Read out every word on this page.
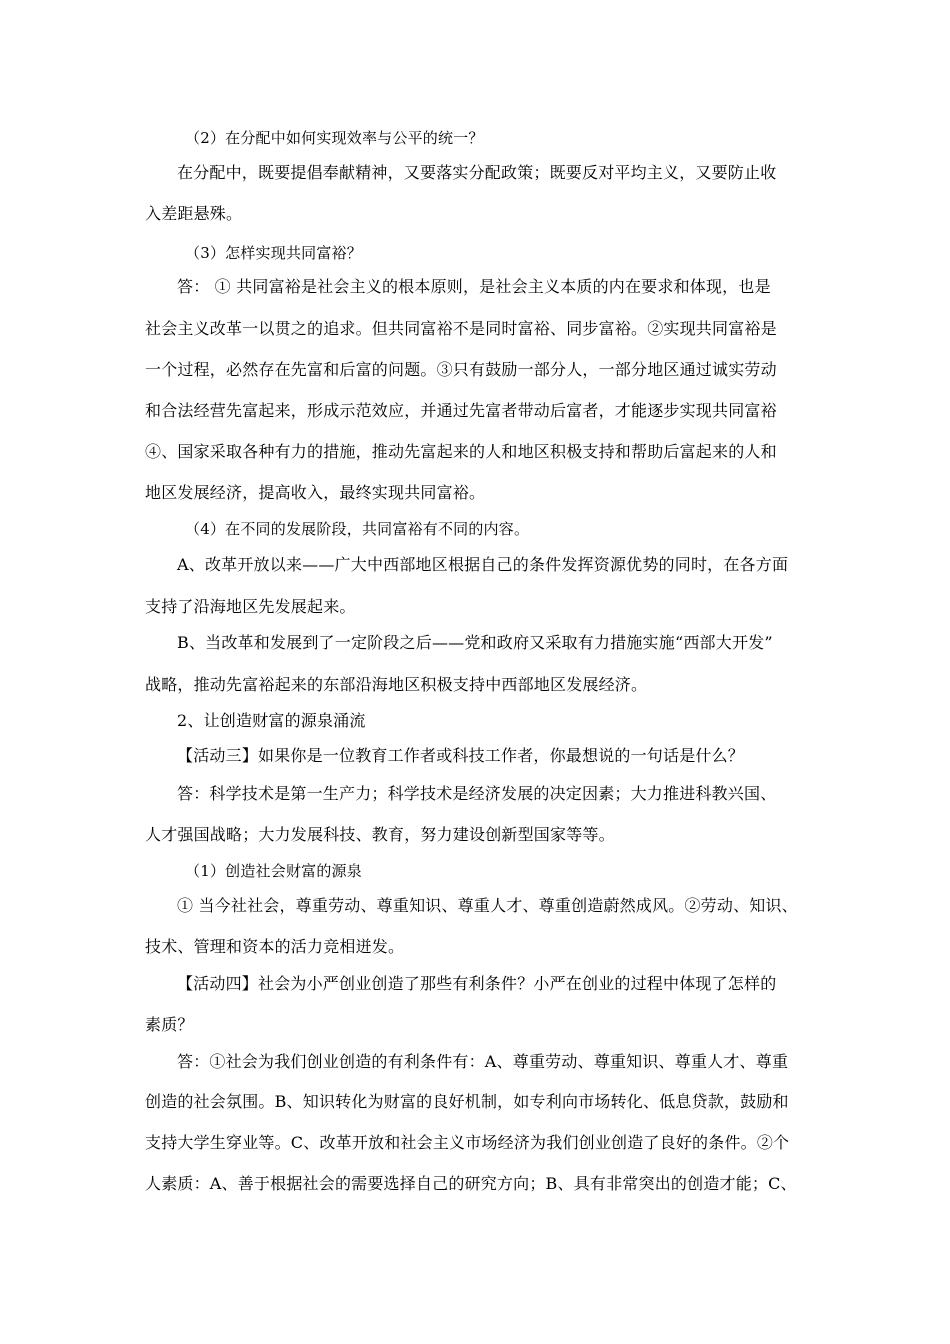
（2）在分配中如何实现效率与公平的统一？
在分配中，既要提倡奉献精神，又要落实分配政策；既要反对平均主义，又要防止收
入差距悬殊。
（3）怎样实现共同富裕？
答： ① 共同富裕是社会主义的根本原则，是社会主义本质的内在要求和体现，也是
社会主义改革一以贯之的追求。但共同富裕不是同时富裕、同步富裕。②实现共同富裕是
一个过程，必然存在先富和后富的问题。③只有鼓励一部分人，一部分地区通过诚实劳动
和合法经营先富起来，形成示范效应，并通过先富者带动后富者，才能逐步实现共同富裕
④、国家采取各种有力的措施，推动先富起来的人和地区积极支持和帮助后富起来的人和
地区发展经济，提高收入，最终实现共同富裕。
（4）在不同的发展阶段，共同富裕有不同的内容。
A、改革开放以来——广大中西部地区根据自己的条件发挥资源优势的同时，在各方面
支持了沿海地区先发展起来。
B、当改革和发展到了一定阶段之后——党和政府又采取有力措施实施“西部大开发”
战略，推动先富裕起来的东部沿海地区积极支持中西部地区发展经济。
2、让创造财富的源泉涌流
【活动三】如果你是一位教育工作者或科技工作者，你最想说的一句话是什么？
答：科学技术是第一生产力；科学技术是经济发展的决定因素；大力推进科教兴国、
人才强国战略；大力发展科技、教育，努力建设创新型国家等等。
（1）创造社会财富的源泉
① 当今社社会，尊重劳动、尊重知识、尊重人才、尊重创造蔚然成风。②劳动、知识、
技术、管理和资本的活力竞相迸发。
【活动四】社会为小严创业创造了那些有利条件？小严在创业的过程中体现了怎样的
素质？
答：①社会为我们创业创造的有利条件有：A、尊重劳动、尊重知识、尊重人才、尊重
创造的社会氛围。B、知识转化为财富的良好机制，如专利向市场转化、低息贷款，鼓励和
支持大学生穿业等。C、改革开放和社会主义市场经济为我们创业创造了良好的条件。②个
人素质：A、善于根据社会的需要选择自己的研究方向；B、具有非常突出的创造才能；C、
